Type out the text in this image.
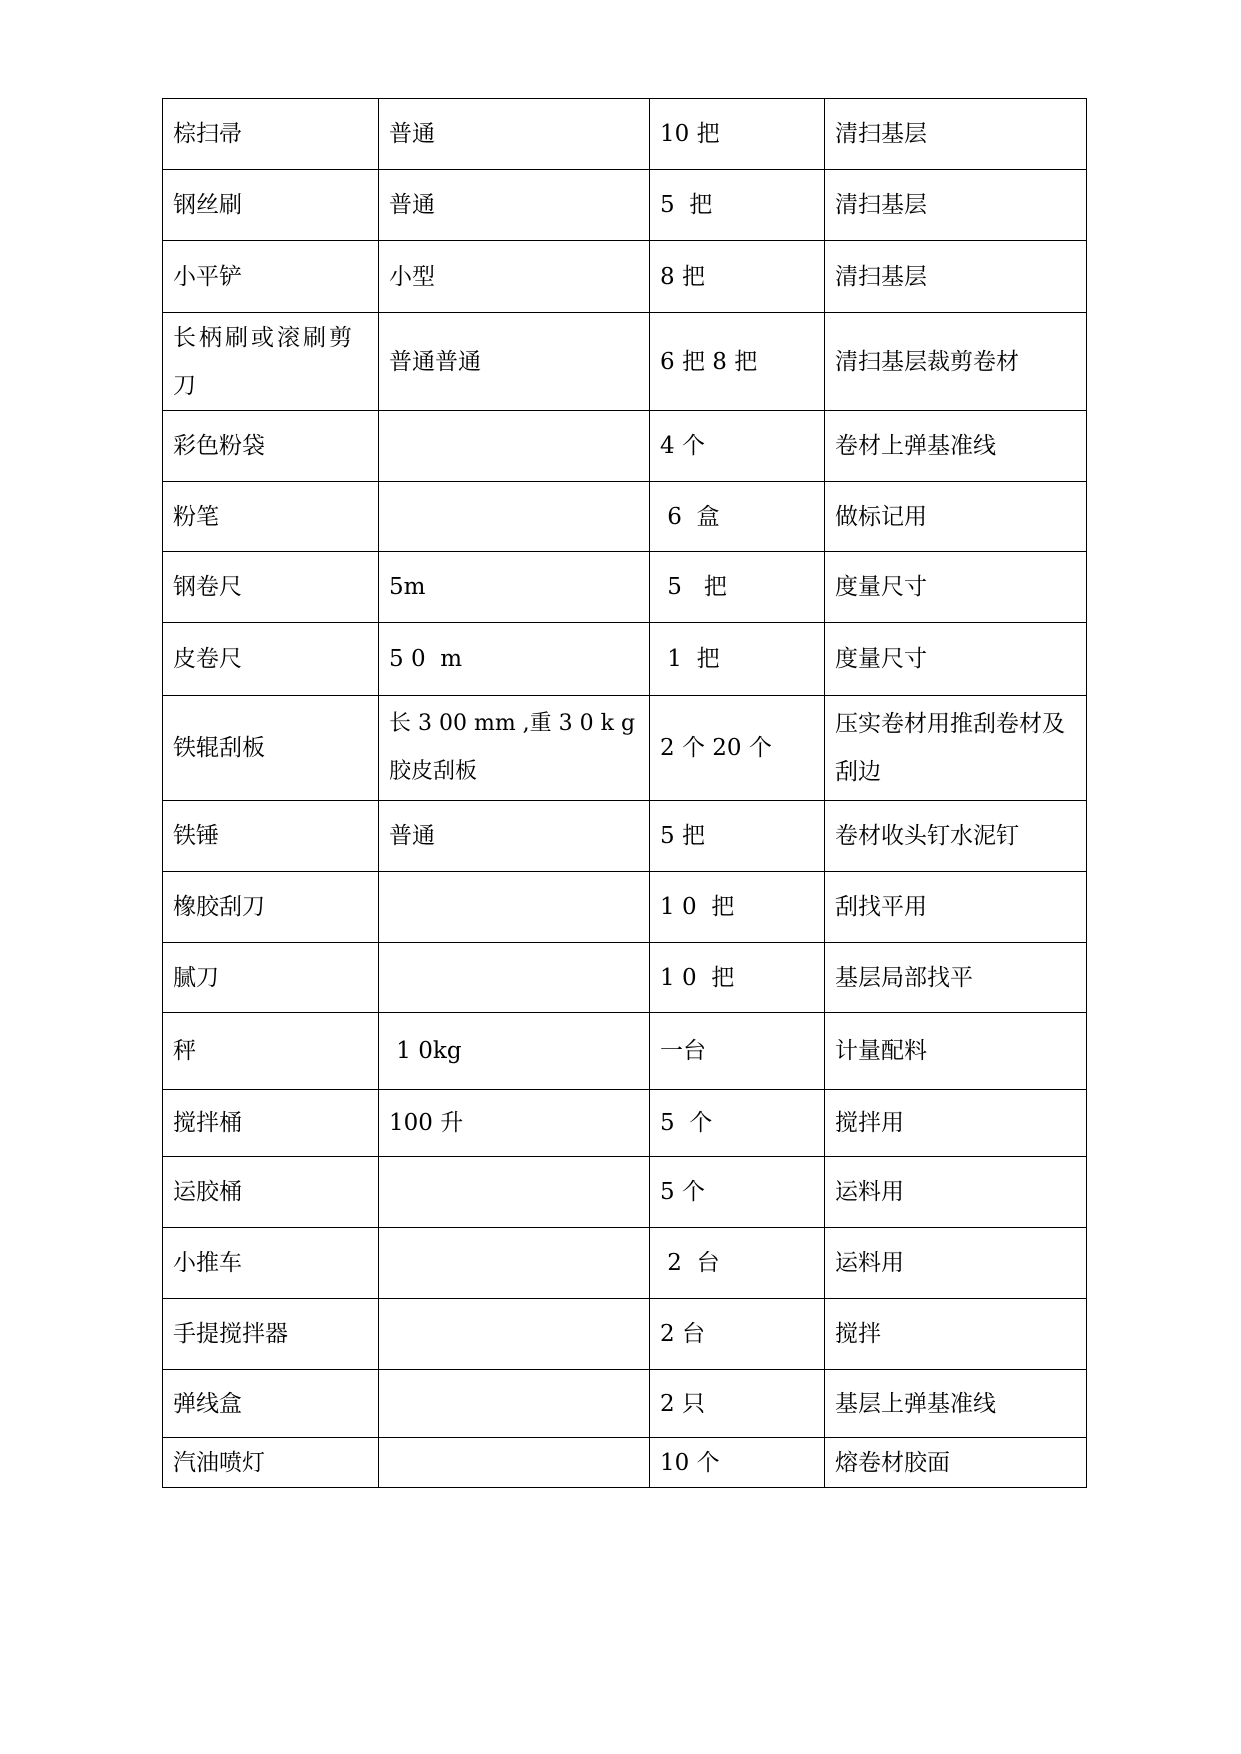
棕扫帚	普通	10 把	清扫基层
钢丝刷	普通	5  把	清扫基层
小平铲	小型	8 把	清扫基层
长柄刷或滚刷剪刀	普通普通	6 把 8 把	清扫基层裁剪卷材
彩色粉袋		4 个	卷材上弹基准线
粉笔		6  盒	做标记用
钢卷尺	5m	5   把	度量尺寸
皮卷尺	5 0  m	1  把	度量尺寸
铁辊刮板	长 3 00 mm ,重 3 0 k g 胶皮刮板	2 个 20 个	压实卷材用推刮卷材及刮边
铁锤	普通	5 把	卷材收头钉水泥钉
橡胶刮刀		1 0  把	刮找平用
腻刀		1 0  把	基层局部找平
秤	1 0kg	一台	计量配料
搅拌桶	100 升	5  个	搅拌用
运胶桶		5 个	运料用
小推车		2  台	运料用
手提搅拌器		2 台	搅拌
弹线盒		2 只	基层上弹基准线
汽油喷灯		10 个	熔卷材胶面
